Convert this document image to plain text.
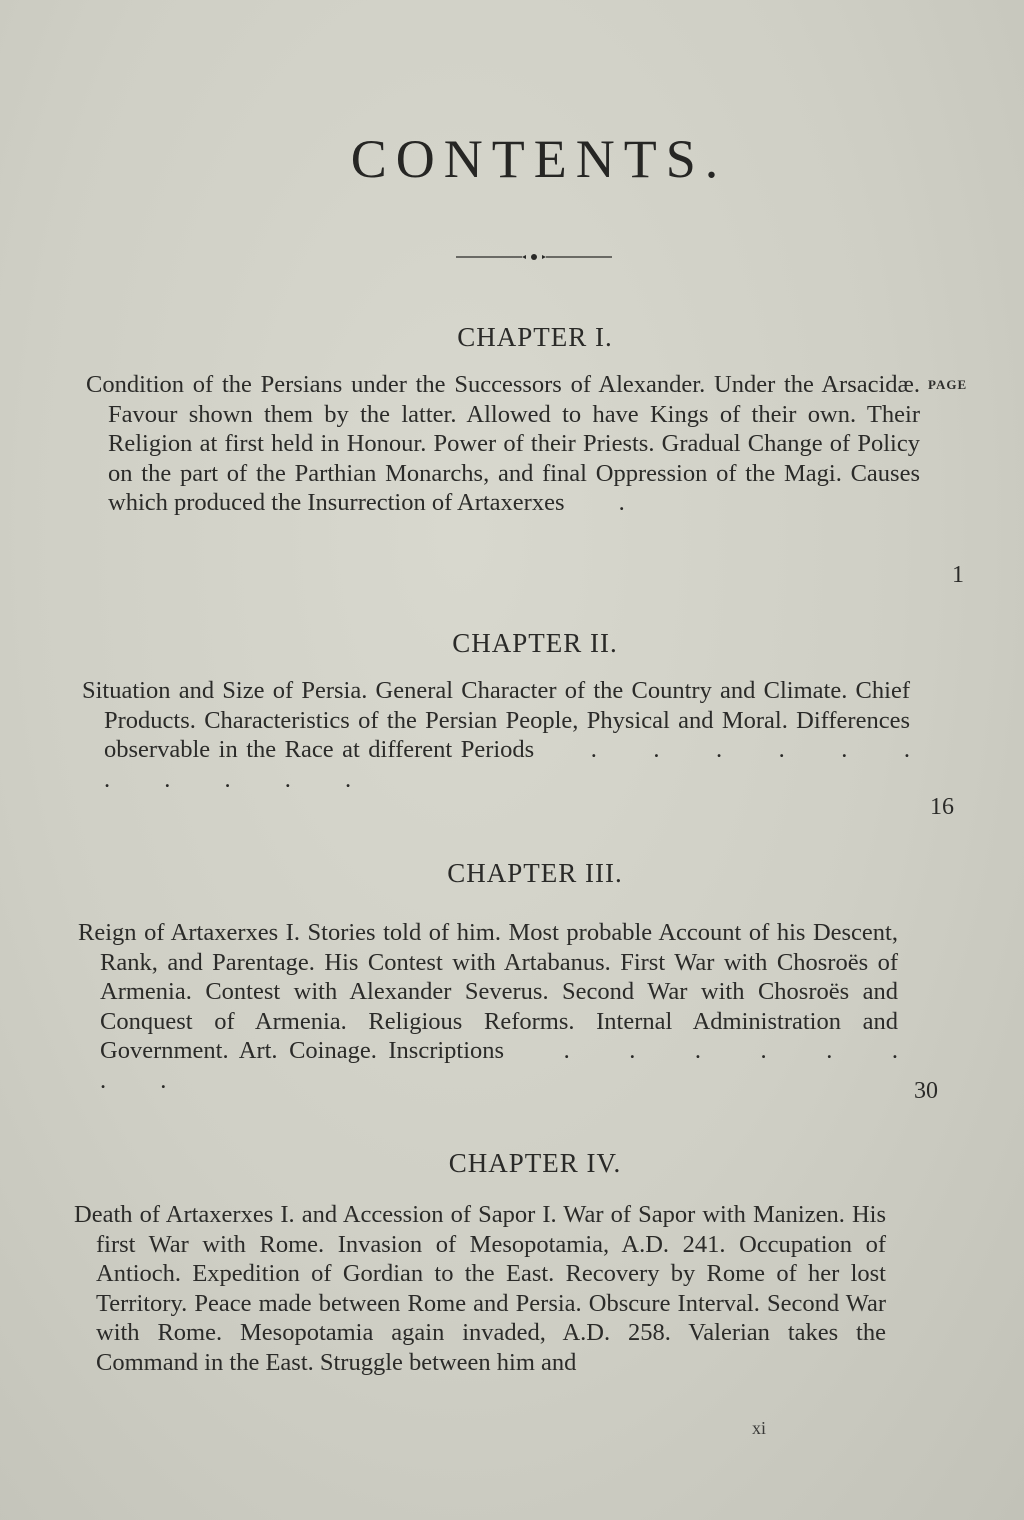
CONTENTS.
CHAPTER I.
PAGE
Condition of the Persians under the Successors of Alexander. Under the Arsacidæ. Favour shown them by the latter. Allowed to have Kings of their own. Their Religion at first held in Honour. Power of their Priests. Gradual Change of Policy on the part of the Parthian Monarchs, and final Oppression of the Magi. Causes which produced the Insurrection of Artaxerxes .
1
CHAPTER II.
Situation and Size of Persia. General Character of the Country and Climate. Chief Products. Characteristics of the Persian People, Physical and Moral. Differences observable in the Race at different Periods . . . . . . . . . . .
16
CHAPTER III.
Reign of Artaxerxes I. Stories told of him. Most probable Account of his Descent, Rank, and Parentage. His Contest with Artabanus. First War with Chosroës of Armenia. Contest with Alexander Severus. Second War with Chosroës and Conquest of Armenia. Religious Reforms. Internal Administration and Government. Art. Coinage. Inscriptions . . . . . . . .	30
CHAPTER IV.
Death of Artaxerxes I. and Accession of Sapor I. War of Sapor with Manizen. His first War with Rome. Invasion of Mesopotamia, A.D. 241. Occupation of Antioch. Expedition of Gordian to the East. Recovery by Rome of her lost Territory. Peace made between Rome and Persia. Obscure Interval. Second War with Rome. Mesopotamia again invaded, A.D. 258. Valerian takes the Command in the East. Struggle between him and
xi
